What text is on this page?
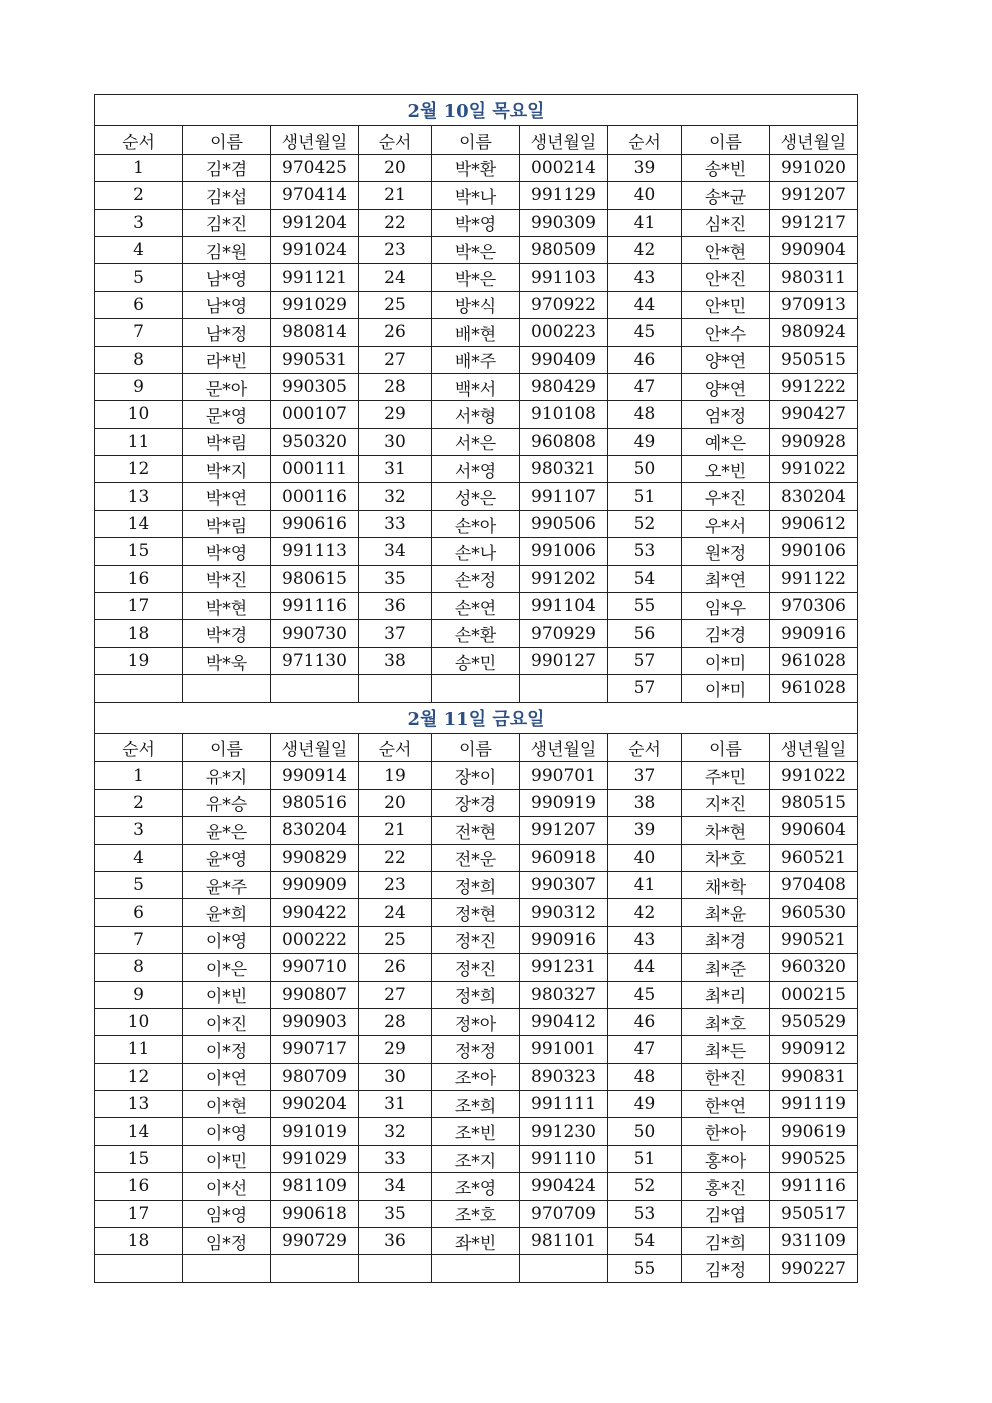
2월 10일 목요일								
순서	이름	생년월일	순서	이름	생년월일	순서	이름	생년월일
1	김*겸	970425	20	박*환	000214	39	송*빈	991020
2	김*섭	970414	21	박*나	991129	40	송*균	991207
3	김*진	991204	22	박*영	990309	41	심*진	991217
4	김*원	991024	23	박*은	980509	42	안*현	990904
5	남*영	991121	24	박*은	991103	43	안*진	980311
6	남*영	991029	25	방*식	970922	44	안*민	970913
7	남*정	980814	26	배*현	000223	45	안*수	980924
8	라*빈	990531	27	배*주	990409	46	양*연	950515
9	문*아	990305	28	백*서	980429	47	양*연	991222
10	문*영	000107	29	서*형	910108	48	엄*정	990427
11	박*림	950320	30	서*은	960808	49	예*은	990928
12	박*지	000111	31	서*영	980321	50	오*빈	991022
13	박*연	000116	32	성*은	991107	51	우*진	830204
14	박*림	990616	33	손*아	990506	52	우*서	990612
15	박*영	991113	34	손*나	991006	53	원*정	990106
16	박*진	980615	35	손*정	991202	54	최*연	991122
17	박*현	991116	36	손*연	991104	55	임*우	970306
18	박*경	990730	37	손*환	970929	56	김*경	990916
19	박*욱	971130	38	송*민	990127	57	이*미	961028
						57	이*미	961028
2월 11일 금요일								
순서	이름	생년월일	순서	이름	생년월일	순서	이름	생년월일
1	유*지	990914	19	장*이	990701	37	주*민	991022
2	유*승	980516	20	장*경	990919	38	지*진	980515
3	윤*은	830204	21	전*현	991207	39	차*현	990604
4	윤*영	990829	22	전*운	960918	40	차*호	960521
5	윤*주	990909	23	정*희	990307	41	채*학	970408
6	윤*희	990422	24	정*현	990312	42	최*윤	960530
7	이*영	000222	25	정*진	990916	43	최*경	990521
8	이*은	990710	26	정*진	991231	44	최*준	960320
9	이*빈	990807	27	정*희	980327	45	최*리	000215
10	이*진	990903	28	정*아	990412	46	최*호	950529
11	이*정	990717	29	정*정	991001	47	최*든	990912
12	이*연	980709	30	조*아	890323	48	한*진	990831
13	이*현	990204	31	조*희	991111	49	한*연	991119
14	이*영	991019	32	조*빈	991230	50	한*아	990619
15	이*민	991029	33	조*지	991110	51	홍*아	990525
16	이*선	981109	34	조*영	990424	52	홍*진	991116
17	임*영	990618	35	조*호	970709	53	김*엽	950517
18	임*정	990729	36	좌*빈	981101	54	김*희	931109
						55	김*정	990227
